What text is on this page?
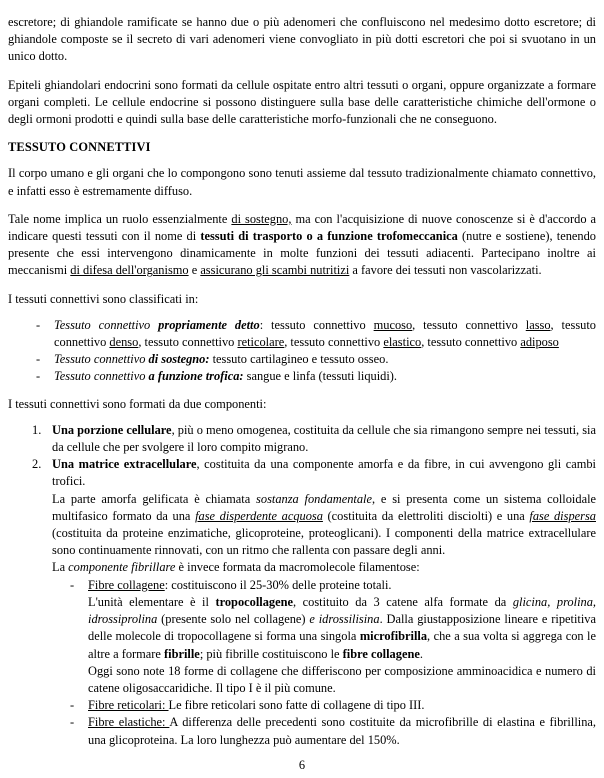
escretore; di ghiandole ramificate se hanno due o più adenomeri che confluiscono nel medesimo dotto escretore; di ghiandole composte se il secreto di vari adenomeri viene convogliato in più dotti escretori che poi si svuotano in un unico dotto.

Epiteli ghiandolari endocrini sono formati da cellule ospitate entro altri tessuti o organi, oppure organizzate a formare organi completi. Le cellule endocrine si possono distinguere sulla base delle caratteristiche chimiche dell'ormone o degli ormoni prodotti e quindi sulla base delle caratteristiche morfo-funzionali che ne conseguono.

TESSUTO CONNETTIVI

Il corpo umano e gli organi che lo compongono sono tenuti assieme dal tessuto tradizionalmente chiamato connettivo, e infatti esso è estremamente diffuso.

Tale nome implica un ruolo essenzialmente di sostegno, ma con l'acquisizione di nuove conoscenze si è d'accordo a indicare questi tessuti con il nome di tessuti di trasporto o a funzione trofomeccanica (nutre e sostiene), tenendo presente che essi intervengono dinamicamente in molte funzioni dei tessuti adiacenti. Partecipano inoltre ai meccanismi di difesa dell'organismo e assicurano gli scambi nutritizi a favore dei tessuti non vascolarizzati.

I tessuti connettivi sono classificati in:

-	Tessuto connettivo propriamente detto: tessuto connettivo mucoso, tessuto connettivo lasso, tessuto connettivo denso, tessuto connettivo reticolare, tessuto connettivo elastico, tessuto connettivo adiposo
-	Tessuto connettivo di sostegno: tessuto cartilagineo e tessuto osseo.
-	Tessuto connettivo a funzione trofica: sangue e linfa (tessuti liquidi).

I tessuti connettivi sono formati da due componenti:

1. Una porzione cellulare, più o meno omogenea, costituita da cellule che sia rimangono sempre nei tessuti, sia da cellule che per svolgere il loro compito migrano.
2. Una matrice extracellulare, costituita da una componente amorfa e da fibre, in cui avvengono gli cambi trofici.
La parte amorfa gelificata è chiamata sostanza fondamentale, e si presenta come un sistema colloidale multifasico formato da una fase disperdente acquosa (costituita da elettroliti disciolti) e una fase dispersa (costituita da proteine enzimatiche, glicoproteine, proteoglicani). I componenti della matrice extracellulare sono continuamente rinnovati, con un ritmo che rallenta con passare degli anni.
La componente fibrillare è invece formata da macromolecole filamentose:
-	Fibre collagene: costituiscono il 25-30% delle proteine totali.
L'unità elementare è il tropocollagene, costituito da 3 catene alfa formate da glicina, prolina, idrossiprolina (presente solo nel collagene) e idrossilisina. Dalla giustapposizione lineare e ripetitiva delle molecole di tropocollagene si forma una singola microfibrilla, che a sua volta si aggrega con le altre a formare fibrille; più fibrille costituiscono le fibre collagene.
Oggi sono note 18 forme di collagene che differiscono per composizione amminoacidica e numero di catene oligosaccaridiche. Il tipo I è il più comune.
-	Fibre reticolari: Le fibre reticolari sono fatte di collagene di tipo III.
-	Fibre elastiche: A differenza delle precedenti sono costituite da microfibrille di elastina e fibrillina, una glicoproteina. La loro lunghezza può aumentare del 150%.
6
